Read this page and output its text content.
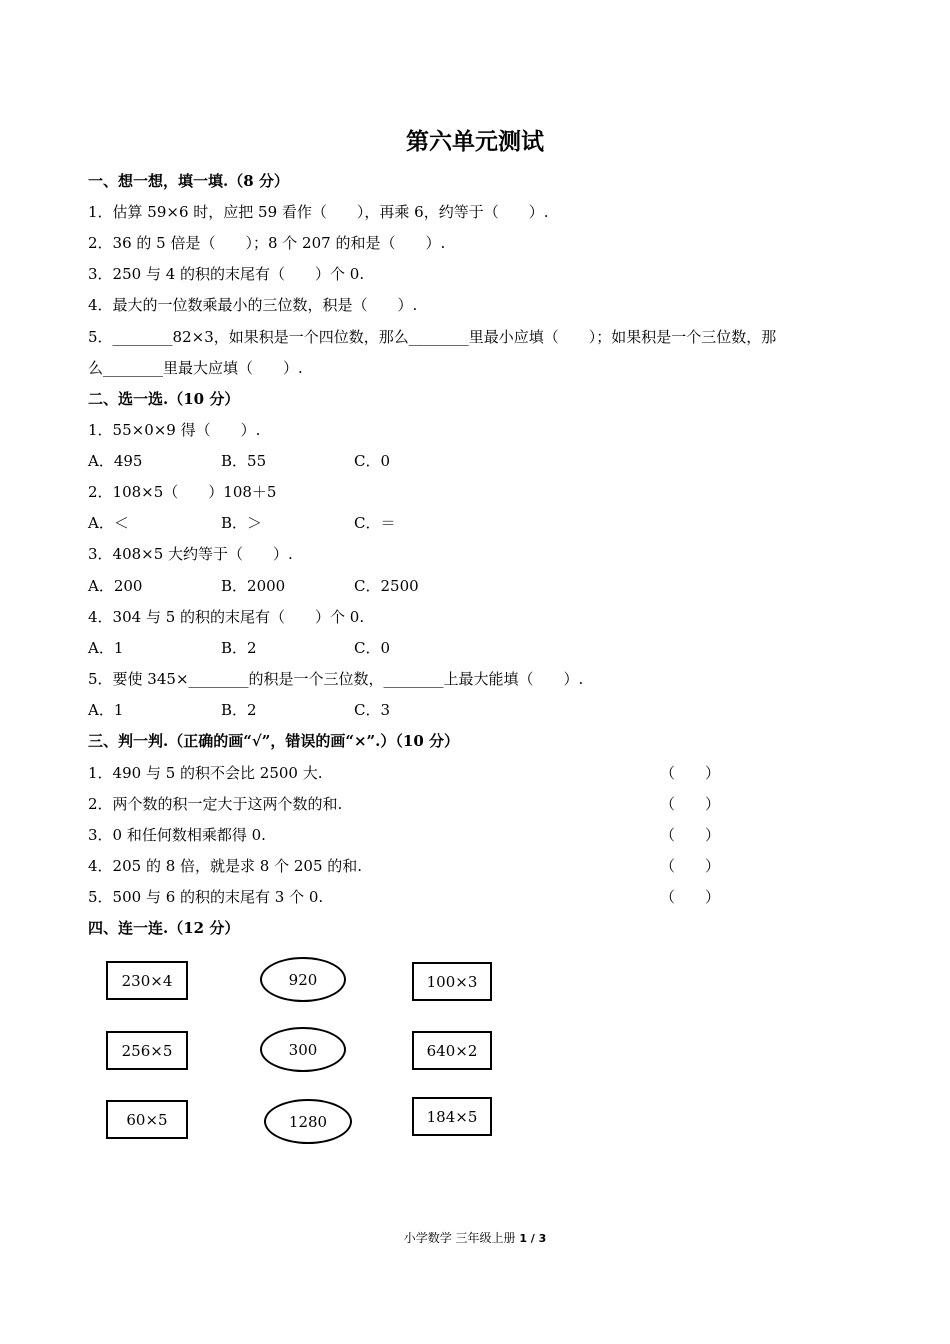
第六单元测试
一、想一想，填一填.（8 分）
1．估算 59×6 时，应把 59 看作（　　），再乘 6，约等于（　　）.
2．36 的 5 倍是（　　）；8 个 207 的和是（　　）.
3．250 与 4 的积的末尾有（　　）个 0.
4．最大的一位数乘最小的三位数，积是（　　）.
5．________82×3，如果积是一个四位数，那么________里最小应填（　　）；如果积是一个三位数，那
么________里最大应填（　　）.
二、选一选.（10 分）
1．55×0×9 得（　　）.
A．495	B．55	C．0
2．108×5（　　）108＋5
A．＜	B．＞	C．＝
3．408×5 大约等于（　　）.
A．200	B．2000	C．2500
4．304 与 5 的积的末尾有（　　）个 0.
A．1	B．2	C．0
5．要使 345×________的积是一个三位数，________上最大能填（　　）.
A．1	B．2	C．3
三、判一判.（正确的画“√”，错误的画“×”.）（10 分）
1．490 与 5 的积不会比 2500 大.	（　　）
2．两个数的积一定大于这两个数的和.	（　　）
3．0 和任何数相乘都得 0.	（　　）
4．205 的 8 倍，就是求 8 个 205 的和.	（　　）
5．500 与 6 的积的末尾有 3 个 0.	（　　）
四、连一连.（12 分）
230×4
256×5
60×5
920
300
1280
100×3
640×2
184×5
小学数学 三年级上册 1 / 3
